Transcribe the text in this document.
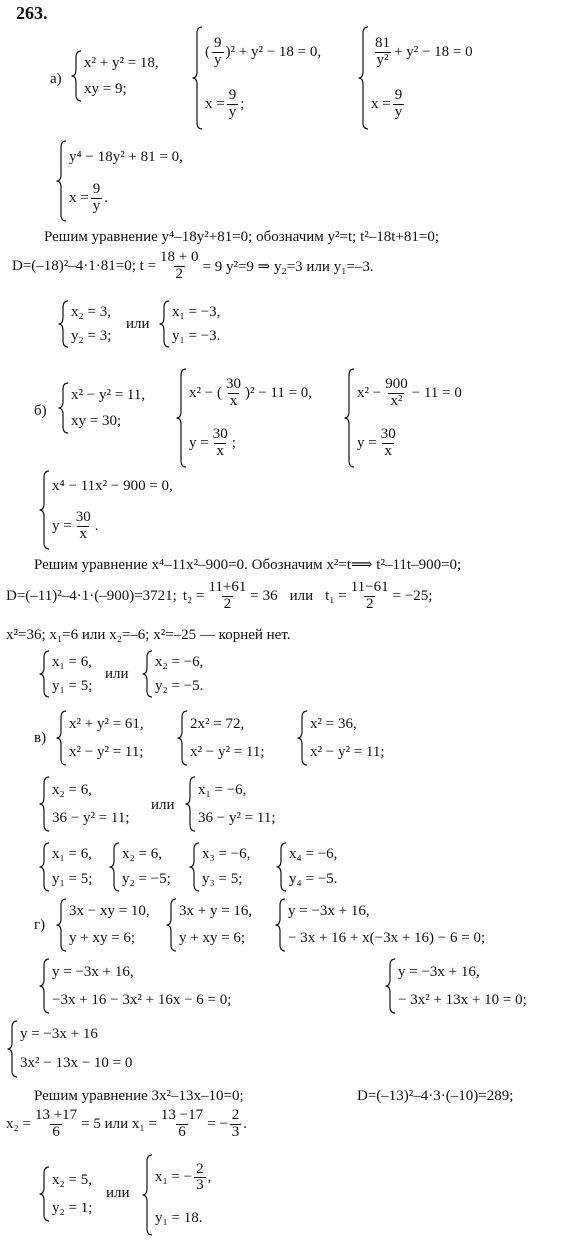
263.
а)
x² + y² = 18,
xy = 9;
( $\frac{9}{y} )^2 + y^2 - 18 = 0$,
$x = \frac{9}{y}$ ;
$\frac{81}{\text{y²}} + y^2 - 18 = 0$
$x = \frac{9}{y}$
y⁴ − 18y² + 81 = 0,
$x = \frac{9}{y}$ .
Решим уравнение y⁴–18y²+81=0; обозначим y²=t; t²–18t+81=0;
D=(–18)²–4·1·81=0; $t = \frac{18 + 0}{2} = 9$ y²=9 ⇒ y₂=3 или y₁=–3.
x₂ = 3,
y₂ = 3;
или
x₁ = −3,
y₁ = −3.
б)
x² − y² = 11,
xy = 30;
x² − ( $\frac{30}{x} )^2 - 11 = 0$,
$y = \frac{30}{x}$ ;
$x^2 - \frac{900}{\text{x²}} - 11 = 0$
$y = \frac{30}{x}$
x⁴ − 11x² − 900 = 0,
$y = \frac{30}{x}$ .
Решим уравнение x⁴–11x²–900=0. Обозначим x²=t⟹ t²–11t–900=0;
D=(–11)²–4·1·(–900)=3721; $t_2 = \frac{11+61}{2} = 36$ или $t_1 = \frac{11-61}{2} = -25$;
x²=36; x₁=6 или x₂=–6; x²=–25 — корней нет.
x₁ = 6,
y₁ = 5;
или
x₂ = −6,
y₂ = −5.
в)
x² + y² = 61,
x² − y² = 11;
2x² = 72,
x² − y² = 11;
x² = 36,
x² − y² = 11;
x₂ = 6,
36 − y² = 11;
или
x₁ = −6,
36 − y² = 11;
x₁ = 6,
y₁ = 5;
x₂ = 6,
y₂ = −5;
x₃ = −6,
y₃ = 5;
x₄ = −6,
y₄ = −5.
г)
3x − xy = 10,
y + xy = 6;
3x + y = 16,
y + xy = 6;
y = −3x + 16,
− 3x + 16 + x(−3x + 16) − 6 = 0;
y = −3x + 16,
−3x + 16 − 3x² + 16x − 6 = 0;
y = −3x + 16,
− 3x² + 13x + 10 = 0;
y = −3x + 16
3x² − 13x − 10 = 0
Решим уравнение 3x²–13x–10=0;	D=(–13)²–4·3·(–10)=289;
$x_2 = \frac{13 +17}{6} = 5$ или $x_1 = \frac{13 -17}{6}$ = − $\frac{2}{3}$ .
x₂ = 5,
y₂ = 1;
или
x₁ = − $\frac{2}{3}$ ,
y₁ = 18.
